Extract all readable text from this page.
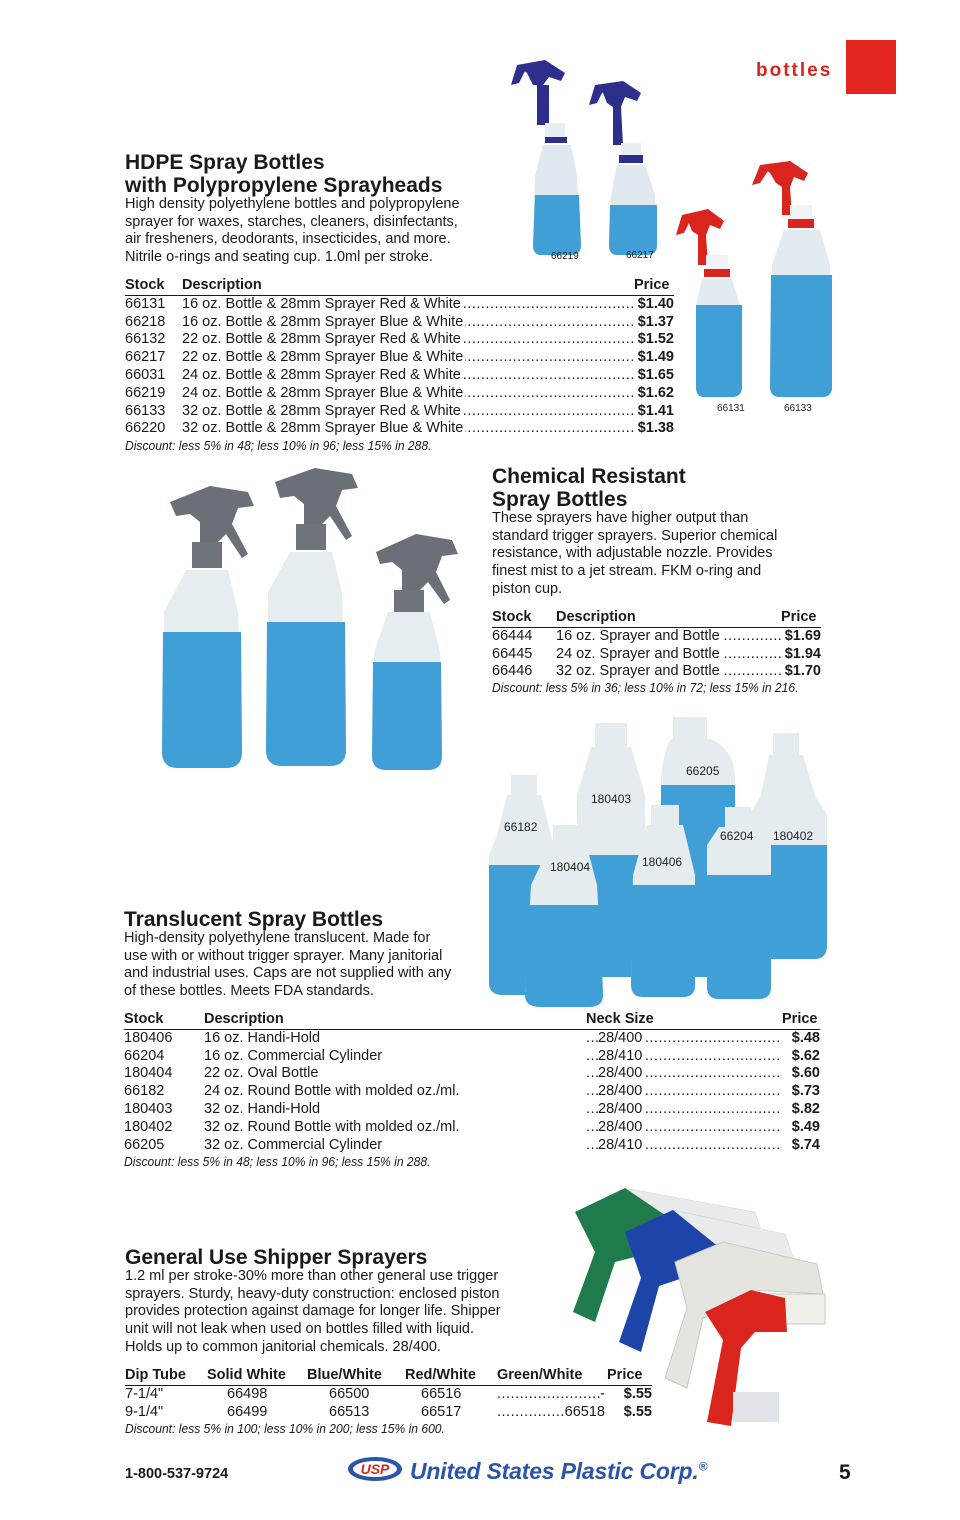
bottles
HDPE Spray Bottles
with Polypropylene Sprayheads
High density polyethylene bottles and polypropylene
sprayer for waxes, starches, cleaners, disinfectants,
air fresheners, deodorants, insecticides, and more.
Nitrile o-rings and seating cup. 1.0ml per stroke.
Stock	Description	Price
66131	16 oz. Bottle & 28mm Sprayer Red & White .....	$1.40
66218	16 oz. Bottle & 28mm Sprayer Blue & White .....	$1.37
66132	22 oz. Bottle & 28mm Sprayer Red & White .....	$1.52
66217	22 oz. Bottle & 28mm Sprayer Blue & White .....	$1.49
66031	24 oz. Bottle & 28mm Sprayer Red & White .....	$1.65
66219	24 oz. Bottle & 28mm Sprayer Blue & White .....	$1.62
66133	32 oz. Bottle & 28mm Sprayer Red & White .....	$1.41
66220	32 oz. Bottle & 28mm Sprayer Blue & White .....	$1.38
Discount: less 5% in 48; less 10% in 96; less 15% in 288.
66219	66217
66131	66133
Chemical Resistant
Spray Bottles
These sprayers have higher output than
standard trigger sprayers. Superior chemical
resistance, with adjustable nozzle. Provides
finest mist to a jet stream. FKM o-ring and
piston cup.
Stock	Description	Price
66444	16 oz. Sprayer and Bottle .....	$1.69
66445	24 oz. Sprayer and Bottle .....	$1.94
66446	32 oz. Sprayer and Bottle .....	$1.70
Discount: less 5% in 36; less 10% in 72; less 15% in 216.
66205
180403
66182
180404	180406
66204 180402
Translucent Spray Bottles
High-density polyethylene translucent. Made for
use with or without trigger sprayer. Many janitorial
and industrial uses. Caps are not supplied with any
of these bottles. Meets FDA standards.
Stock	Description	Neck Size	Price
180406	16 oz. Handi-Hold	28/400 .....	$.48
66204	16 oz. Commercial Cylinder	28/410 .....	$.62
180404	22 oz. Oval Bottle	28/400 .....	$.60
66182	24 oz. Round Bottle with molded oz./ml.	28/400 .....	$.73
180403	32 oz. Handi-Hold	28/400 .....	$.82
180402	32 oz. Round Bottle with molded oz./ml.	28/400 .....	$.49
66205	32 oz. Commercial Cylinder	28/410 .....	$.74
Discount: less 5% in 48; less 10% in 96; less 15% in 288.
General Use Shipper Sprayers
1.2 ml per stroke-30% more than other general use trigger
sprayers. Sturdy, heavy-duty construction: enclosed piston
provides protection against damage for longer life. Shipper
unit will not leak when used on bottles filled with liquid.
Holds up to common janitorial chemicals. 28/400.
Dip Tube	Solid White	Blue/White	Red/White	Green/White	Price
7-1/4"	66498	66500	66516	- .....	$.55
9-1/4"	66499	66513	66517	66518 .....	$.55
Discount: less 5% in 100; less 10% in 200; less 15% in 600.
1-800-537-9724	USP United States Plastic Corp.®	5
